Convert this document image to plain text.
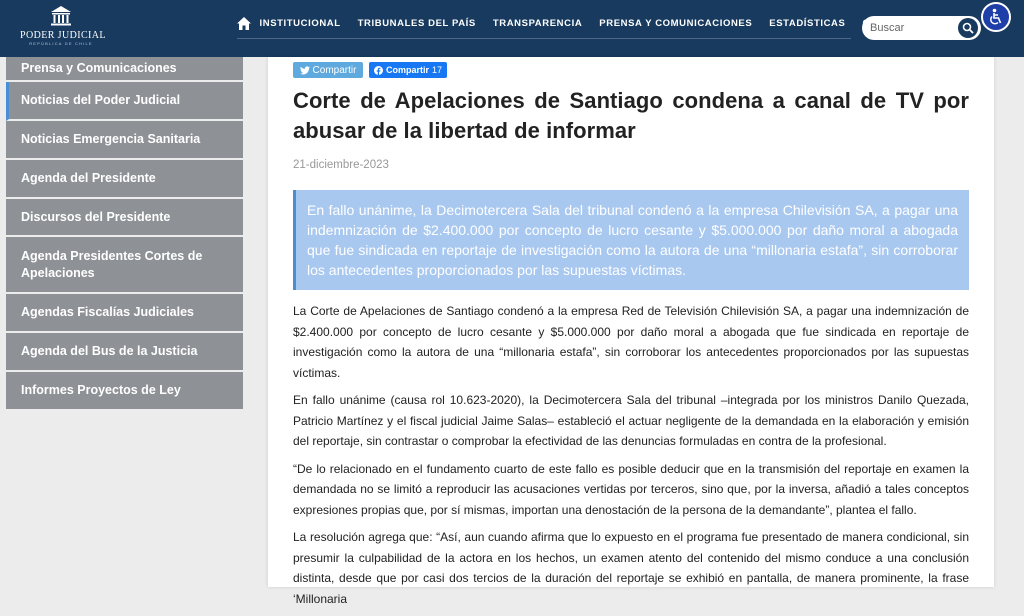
PODER JUDICIAL
REPÚBLICA DE CHILE
INSTITUCIONAL	TRIBUNALES DEL PAÍS	TRANSPARENCIA	PRENSA Y COMUNICACIONES	ESTADÍSTICAS
Buscar
Prensa y Comunicaciones
Noticias del Poder Judicial
Noticias Emergencia Sanitaria
Agenda del Presidente
Discursos del Presidente
Agenda Presidentes Cortes de Apelaciones
Agendas Fiscalías Judiciales
Agenda del Bus de la Justicia
Informes Proyectos de Ley
Compartir	Compartir 17
Corte de Apelaciones de Santiago condena a canal de TV por abusar de la libertad de informar
21-diciembre-2023
En fallo unánime, la Decimotercera Sala del tribunal condenó a la empresa Chilevisión SA, a pagar una indemnización de $2.400.000 por concepto de lucro cesante y $5.000.000 por daño moral a abogada que fue sindicada en reportaje de investigación como la autora de una “millonaria estafa”, sin corroborar los antecedentes proporcionados por las supuestas víctimas.

La Corte de Apelaciones de Santiago condenó a la empresa Red de Televisión Chilevisión SA, a pagar una indemnización de $2.400.000 por concepto de lucro cesante y $5.000.000 por daño moral a abogada que fue sindicada en reportaje de investigación como la autora de una “millonaria estafa”, sin corroborar los antecedentes proporcionados por las supuestas víctimas.

En fallo unánime (causa rol 10.623-2020), la Decimotercera Sala del tribunal –integrada por los ministros Danilo Quezada, Patricio Martínez y el fiscal judicial Jaime Salas– estableció el actuar negligente de la demandada en la elaboración y emisión del reportaje, sin contrastar o comprobar la efectividad de las denuncias formuladas en contra de la profesional.

“De lo relacionado en el fundamento cuarto de este fallo es posible deducir que en la transmisión del reportaje en examen la demandada no se limitó a reproducir las acusaciones vertidas por terceros, sino que, por la inversa, añadió a tales conceptos expresiones propias que, por sí mismas, importan una denostación de la persona de la demandante”, plantea el fallo.

La resolución agrega que: “Así, aun cuando afirma que lo expuesto en el programa fue presentado de manera condicional, sin presumir la culpabilidad de la actora en los hechos, un examen atento del contenido del mismo conduce a una conclusión distinta, desde que por casi dos tercios de la duración del reportaje se exhibió en pantalla, de manera prominente, la frase ‘Millonaria
